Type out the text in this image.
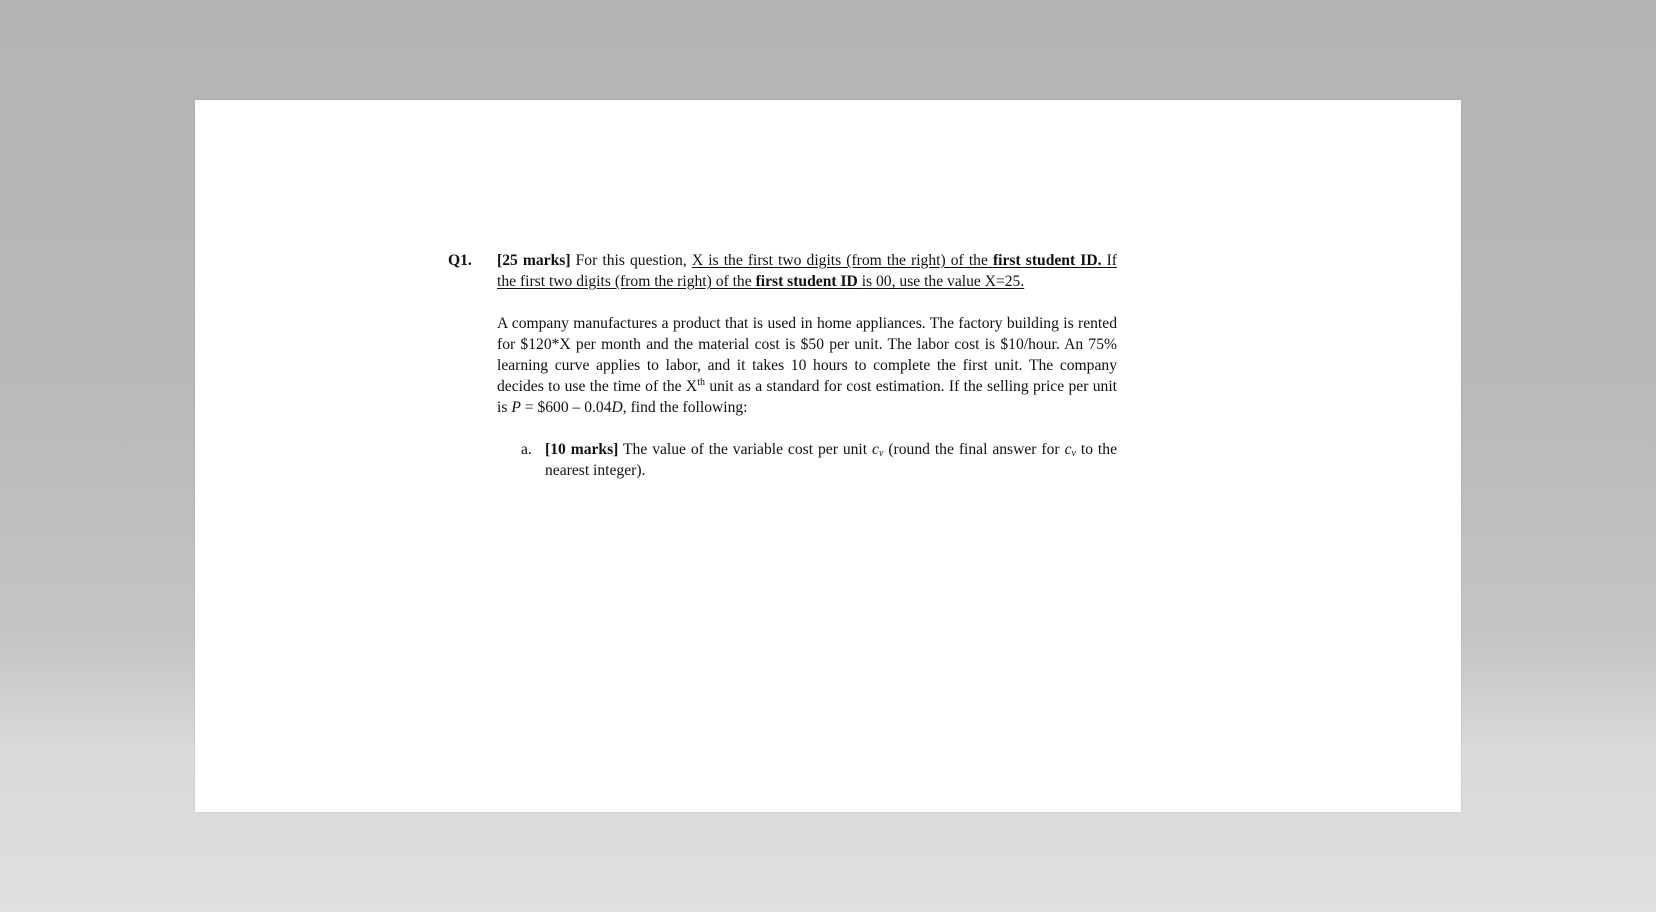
Q1. [25 marks] For this question, X is the first two digits (from the right) of the first student ID. If the first two digits (from the right) of the first student ID is 00, use the value X=25.

A company manufactures a product that is used in home appliances. The factory building is rented for $120*X per month and the material cost is $50 per unit. The labor cost is $10/hour. An 75% learning curve applies to labor, and it takes 10 hours to complete the first unit. The company decides to use the time of the Xth unit as a standard for cost estimation. If the selling price per unit is P = $600 – 0.04D, find the following:

a. [10 marks] The value of the variable cost per unit $c_v$ (round the final answer for $c_v$ to the nearest integer).
